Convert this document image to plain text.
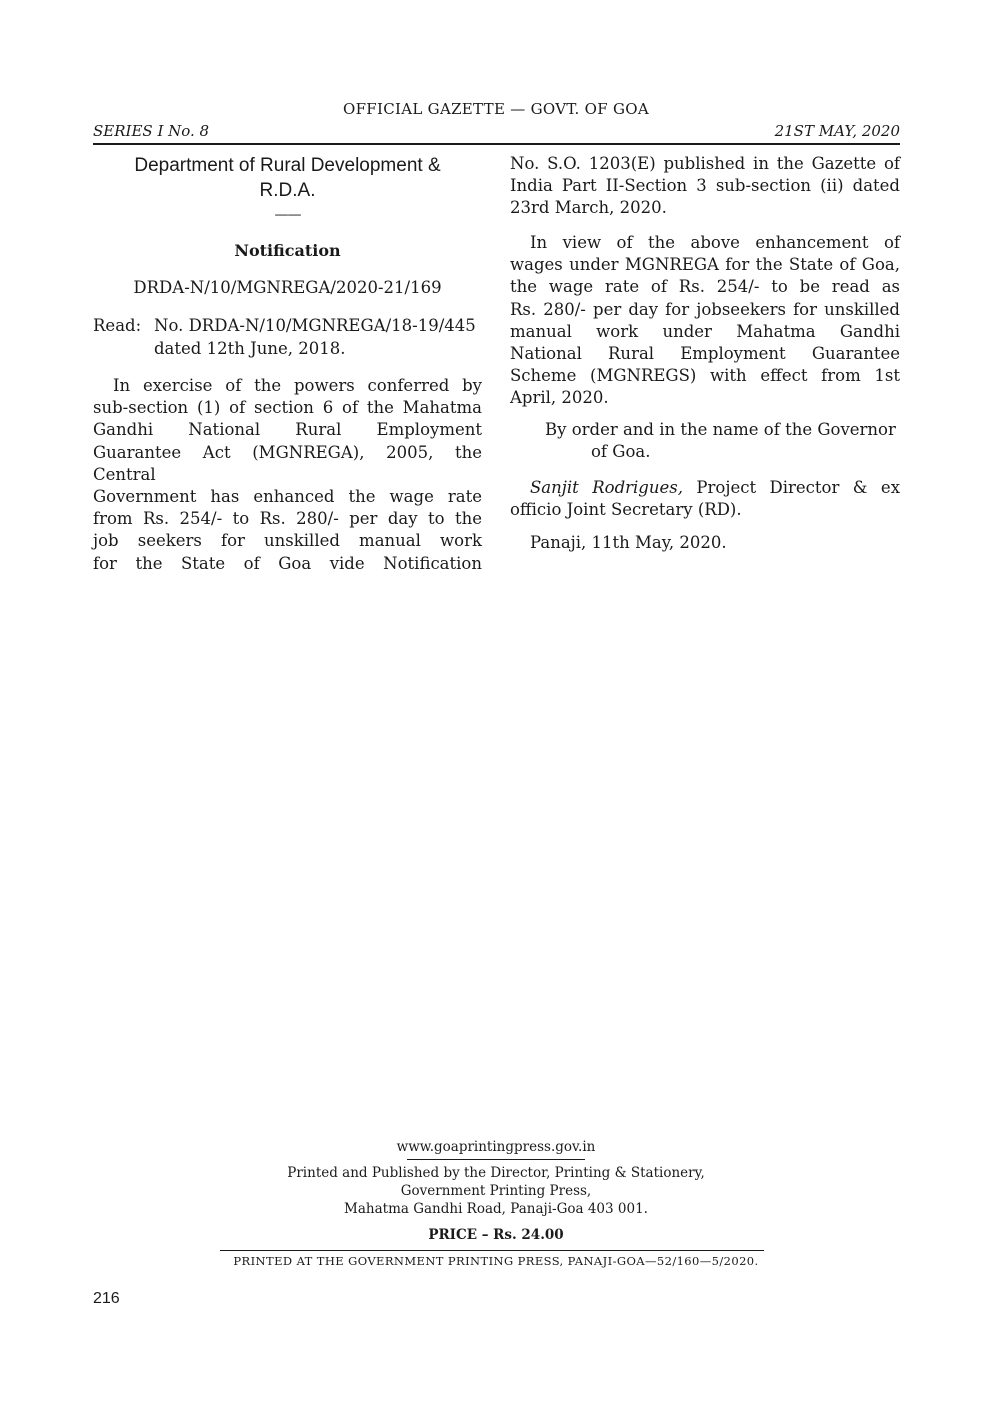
OFFICIAL GAZETTE — GOVT. OF GOA
SERIES I No. 8	21ST MAY, 2020
Department of Rural Development &
R.D.A.
——
Notification
DRDA-N/10/MGNREGA/2020-21/169
Read: No. DRDA-N/10/MGNREGA/18-19/445
dated 12th June, 2018.

In exercise of the powers conferred by

sub-section (1) of section 6 of the Mahatma

Gandhi National Rural Employment

Guarantee Act (MGNREGA), 2005, the Central

Government has enhanced the wage rate

from Rs. 254/- to Rs. 280/- per day to the

job seekers for unskilled manual work

for the State of Goa vide Notification

No. S.O. 1203(E) published in the Gazette of

India Part II-Section 3 sub-section (ii) dated

23rd March, 2020.

In view of the above enhancement of

wages under MGNREGA for the State of Goa,

the wage rate of Rs. 254/- to be read as

Rs. 280/- per day for jobseekers for unskilled

manual work under Mahatma Gandhi

National Rural Employment Guarantee

Scheme (MGNREGS) with effect from 1st

April, 2020.

By order and in the name of the Governor
of Goa.

Sanjit Rodrigues, Project Director & ex

officio Joint Secretary (RD).

Panaji, 11th May, 2020.
www.goaprintingpress.gov.in
Printed and Published by the Director, Printing & Stationery,
Government Printing Press,
Mahatma Gandhi Road, Panaji-Goa 403 001.
PRICE – Rs. 24.00
PRINTED AT THE GOVERNMENT PRINTING PRESS, PANAJI-GOA—52/160—5/2020.
216
